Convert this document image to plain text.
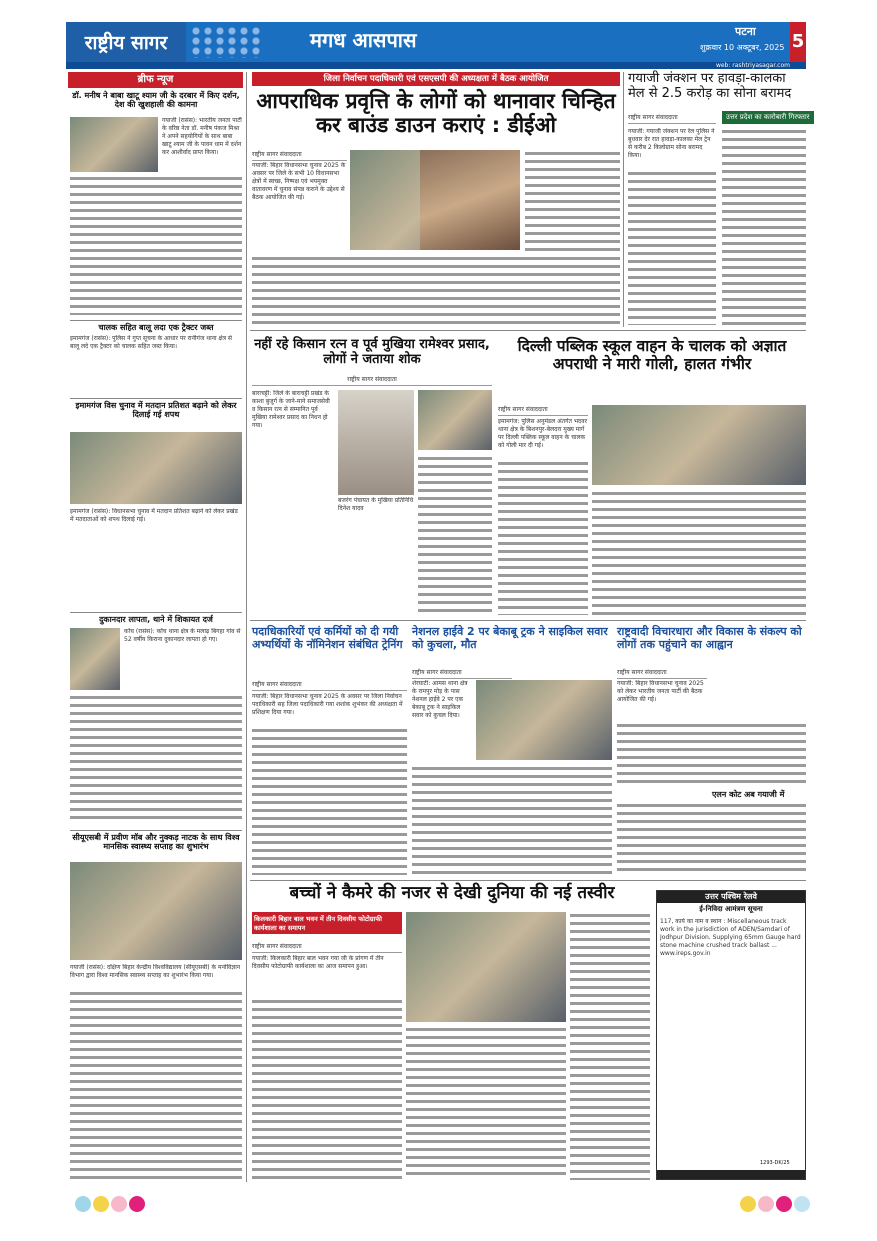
राष्ट्रीय सागर	मगध आसपास	पटना
शुक्रवार 10 अक्टूबर, 2025 5
web: rashtriyasagar.com
ब्रीफ न्यूज
डॉ. मनीष ने बाबा खाटू श्याम जी के दरबार में किए दर्शन, देश की खुशहाली की कामना
गयाजी (रासंस): भारतीय जनता पार्टी के वरिष्ठ नेता डॉ. मनीष पंकज मिश्रा ने अपने सहयोगियों के साथ बाबा खाटू श्याम जी के पावन धाम में दर्शन कर आशीर्वाद प्राप्त किया।
चालक सहित बालू लदा एक ट्रैक्टर जब्त
इमामगंज (रासंस): पुलिस ने गुप्त सूचना के आधार पर रानीगंज थाना क्षेत्र से बालू लदे एक ट्रैक्टर को चालक सहित जब्त किया।
इमामगंज विस चुनाव में मतदान प्रतिशत बढ़ाने को लेकर दिलाई गई शपथ
इमामगंज (रासंस): विधानसभा चुनाव में मतदान प्रतिशत बढ़ाने को लेकर प्रखंड में मतदाताओं को शपथ दिलाई गई।
दुकानदार लापता, थाने में शिकायत दर्ज
कोंच (रासंस): कोंच थाना क्षेत्र के मलाढ़ बिगहा गांव से 52 वर्षीय किराना दुकानदार लापता हो गए।
सीयूएसबी में प्रवीण मॉब और नुक्कड़ नाटक के साथ विश्व मानसिक स्वास्थ्य सप्ताह का शुभारंभ
गयाजी (रासंस): दक्षिण बिहार केन्द्रीय विश्वविद्यालय (सीयूएसबी) के मनोविज्ञान विभाग द्वारा विश्व मानसिक स्वास्थ्य सप्ताह का शुभारंभ किया गया।
जिला निर्वाचन पदाधिकारी एवं एसएसपी की अध्यक्षता में बैठक आयोजित
आपराधिक प्रवृत्ति के लोगों को थानावार चिन्हित कर बाउंड डाउन कराएं : डीईओ
राष्ट्रीय सागर संवाददाता
गयाजी: बिहार विधानसभा चुनाव 2025 के अवसर पर जिले के सभी 10 विधानसभा क्षेत्रों में स्वच्छ, निष्पक्ष एवं भयमुक्त वातावरण में चुनाव संपन्न कराने के उद्देश्य से बैठक आयोजित की गई।
गयाजी जंक्शन पर हावड़ा-कालका मेल से 2.5 करोड़ का सोना बरामद
राष्ट्रीय सागर संवाददाता	उत्तर प्रदेश का कारोबारी गिरफ्तार
गयाजी: गयाजी जंक्शन पर रेल पुलिस ने बुधवार देर रात हावड़ा-कालका मेल ट्रेन से करीब 2 किलोग्राम सोना बरामद किया।
नहीं रहे किसान रत्न व पूर्व मुखिया रामेश्वर प्रसाद, लोगों ने जताया शोक
राष्ट्रीय सागर संवाददाता
बाराचट्टी: जिले के बाराचट्टी प्रखंड के काशा बुजुर्ग के जाने-माने समाजसेवी व किसान रत्न से सम्मानित पूर्व मुखिया रामेश्वर प्रसाद का निधन हो गया।
बजरंग पंचायत के मुखिया प्रतिनिधि दिनेश यादव
दिल्ली पब्लिक स्कूल वाहन के चालक को अज्ञात अपराधी ने मारी गोली, हालत गंभीर
राष्ट्रीय सागर संवाददाता
इमामगंज: पुलिस अनुमंडल अंतर्गत भदवर थाना क्षेत्र के बिशनपुर-बेलदरा मुख्य मार्ग पर दिल्ली पब्लिक स्कूल वाहन के चालक को गोली मार दी गई।
पदाधिकारियों एवं कर्मियों को दी गयी अभ्यर्थियों के नॉमिनेशन संबंधित ट्रेनिंग
राष्ट्रीय सागर संवाददाता
गयाजी: बिहार विधानसभा चुनाव 2025 के अवसर पर जिला निर्वाचन पदाधिकारी सह जिला पदाधिकारी गया शशांक शुभंकर की अध्यक्षता में प्रशिक्षण दिया गया।
नेशनल हाईवे 2 पर बेकाबू ट्रक ने साइकिल सवार को कुचला, मौत
राष्ट्रीय सागर संवाददाता
शेरघाटी: आमस थाना क्षेत्र के रामपुर मोड़ के पास नेशनल हाईवे 2 पर एक बेकाबू ट्रक ने साइकिल सवार को कुचल दिया।
राष्ट्रवादी विचारधारा और विकास के संकल्प को लोगों तक पहुंचाने का आह्वान
राष्ट्रीय सागर संवाददाता
गयाजी: बिहार विधानसभा चुनाव 2025 को लेकर भारतीय जनता पार्टी की बैठक आयोजित की गई।
एलन कोट अब गयाजी में
बच्चों ने कैमरे की नजर से देखी दुनिया की नई तस्वीर
किलकारी बिहार बाल भवन में तीन दिवसीय फोटोग्राफी कार्यशाला का समापन
राष्ट्रीय सागर संवाददाता
गयाजी: किलकारी बिहार बाल भवन गया जी के प्रांगण में तीन दिवसीय फोटोग्राफी कार्यशाला का आज समापन हुआ।
उत्तर पश्चिम रेलवे
ई-निविदा आमंत्रण सूचना
117, कार्य का नाम व स्थान : Miscellaneous track work in the jurisdiction of ADEN/Samdari of Jodhpur Division. Supplying 65mm Gauge hard stone machine crushed track ballast ... www.ireps.gov.in
1293-DK/25
